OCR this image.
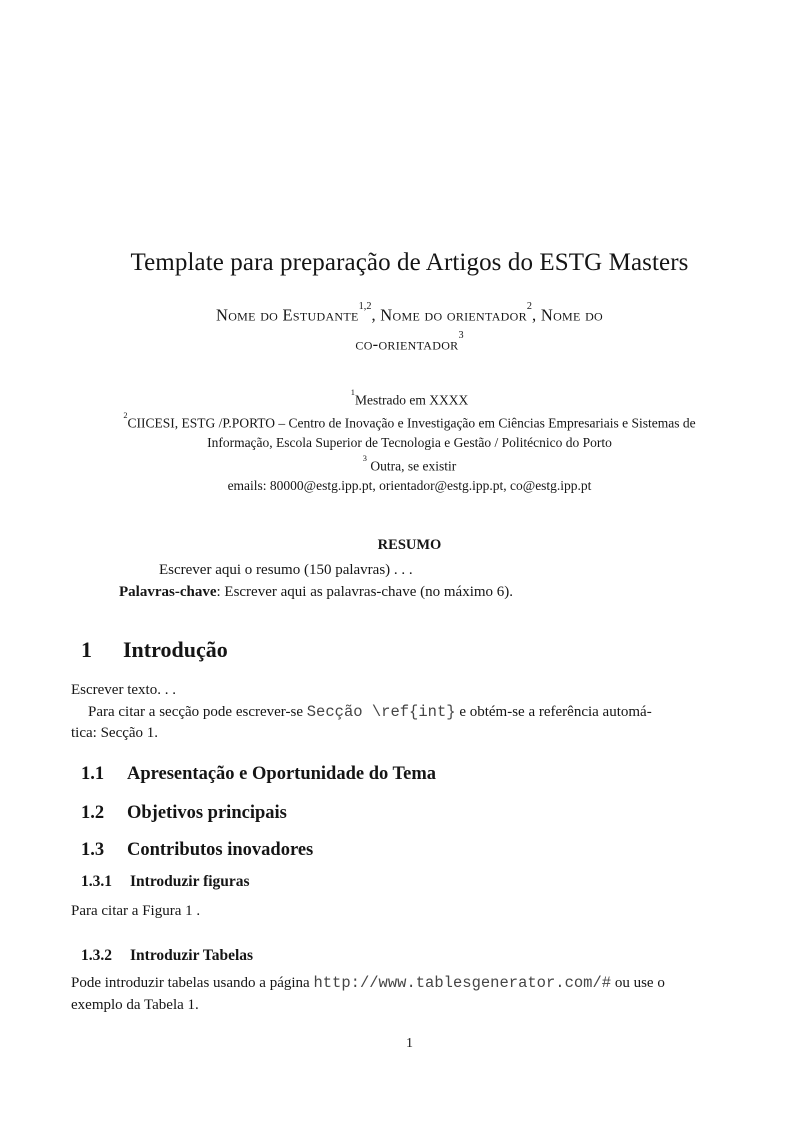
Template para preparação de Artigos do ESTG Masters
Nome do Estudante$^{1,2}$, Nome do orientador$^2$, Nome do
co-orientador$^3$
$^1$Mestrado em XXXX
$^2$CIICESI, ESTG /P.PORTO – Centro de Inovação e Investigação em Ciências Empresariais e Sistemas de
Informação, Escola Superior de Tecnologia e Gestão / Politécnico do Porto
$^3$ Outra, se existir
emails: 80000@estg.ipp.pt, orientador@estg.ipp.pt, co@estg.ipp.pt
RESUMO
Escrever aqui o resumo (150 palavras) . . .
Palavras-chave: Escrever aqui as palavras-chave (no máximo 6).
1 Introdução

Escrever texto. . .

Para citar a secção pode escrever-se Secção \ref{int} e obtém-se a referência automá-
tica: Secção 1.

1.1 Apresentação e Oportunidade do Tema
1.2 Objetivos principais
1.3 Contributos inovadores
1.3.1 Introduzir figuras

Para citar a Figura 1 .

1.3.2 Introduzir Tabelas

Pode introduzir tabelas usando a página http://www.tablesgenerator.com/# ou use o
exemplo da Tabela 1.

1
